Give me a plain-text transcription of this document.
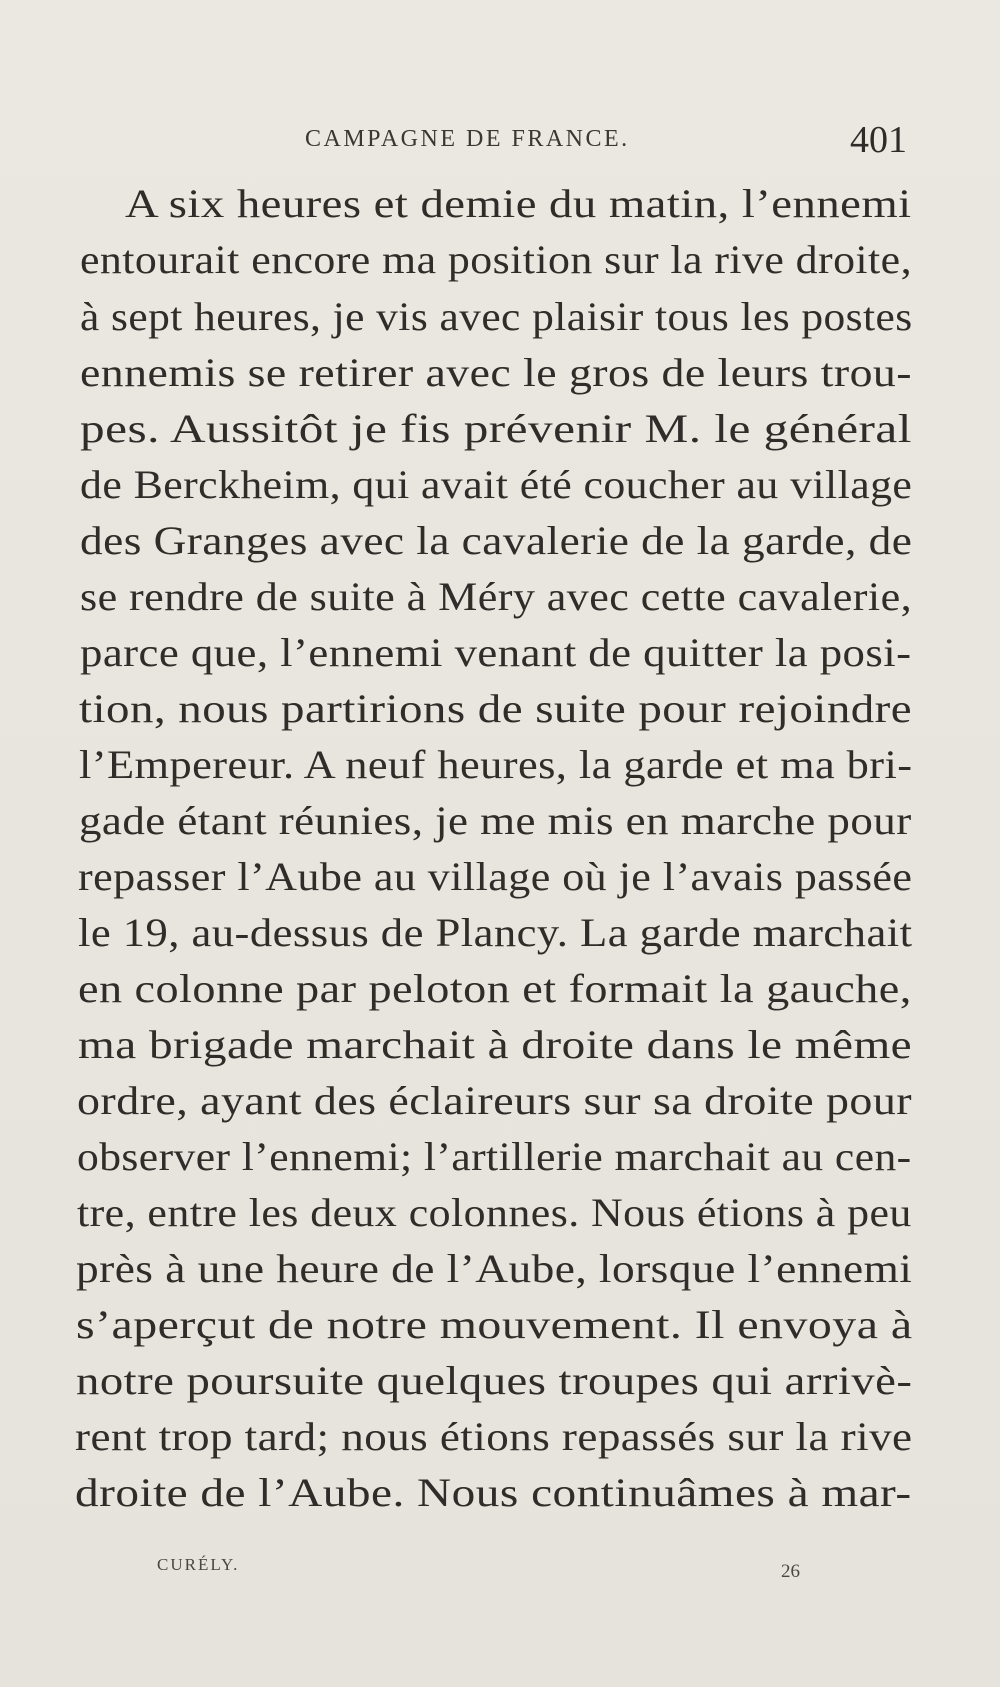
CAMPAGNE DE FRANCE.	401
A six heures et demie du matin, l’ennemi
entourait encore ma position sur la rive droite,
à sept heures, je vis avec plaisir tous les postes
ennemis se retirer avec le gros de leurs trou-
pes. Aussitôt je fis prévenir M. le général
de Berckheim, qui avait été coucher au village
des Granges avec la cavalerie de la garde, de
se rendre de suite à Méry avec cette cavalerie,
parce que, l’ennemi venant de quitter la posi-
tion, nous partirions de suite pour rejoindre
l’Empereur. A neuf heures, la garde et ma bri-
gade étant réunies, je me mis en marche pour
repasser l’Aube au village où je l’avais passée
le 19, au-dessus de Plancy. La garde marchait
en colonne par peloton et formait la gauche,
ma brigade marchait à droite dans le même
ordre, ayant des éclaireurs sur sa droite pour
observer l’ennemi; l’artillerie marchait au cen-
tre, entre les deux colonnes. Nous étions à peu
près à une heure de l’Aube, lorsque l’ennemi
s’aperçut de notre mouvement. Il envoya à
notre poursuite quelques troupes qui arrivè-
rent trop tard; nous étions repassés sur la rive
droite de l’Aube. Nous continuâmes à mar-
CURÉLY.	26
